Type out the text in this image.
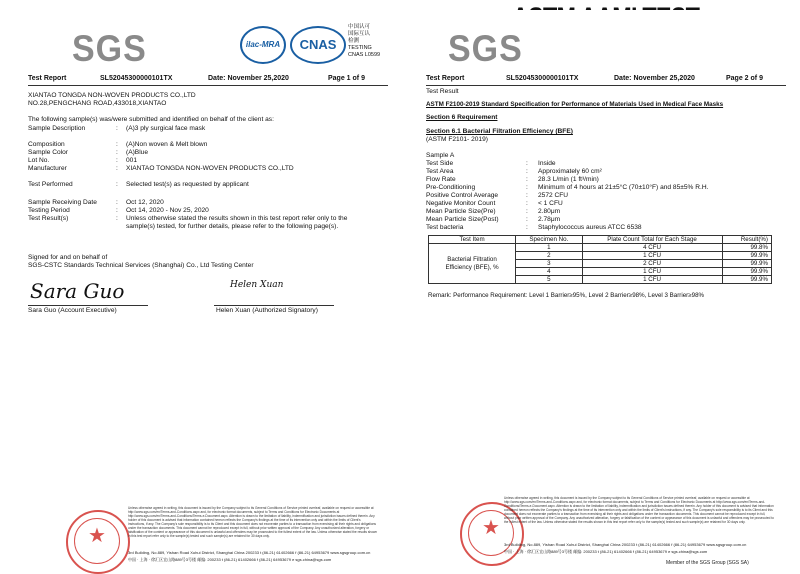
SGS	ilac-MRA	CNAS
中国认可
国际互认
检测
TESTING
CNAS L0599
Test Report	SL52045300000101TX	Date: November 25,2020	Page 1 of 9
XIANTAO TONGDA NON-WOVEN PRODUCTS CO.,LTD
NO.28,PENGCHANG ROAD,433018,XIANTAO
The following sample(s) was/were submitted and identified on behalf of the client as:
Sample Description	: (A)3 ply surgical face mask
Composition	: (A)Non woven & Melt blown
Sample Color	: (A)Blue
Lot No.	: 001
Manufacturer	: XIANTAO TONGDA NON-WOVEN PRODUCTS CO.,LTD
Test Performed	: Selected test(s) as requested by applicant
Sample Receiving Date	: Oct 12, 2020
Testing Period	: Oct 14, 2020 - Nov 25, 2020
Test Result(s)	: Unless otherwise stated the results shown in this test report refer only to the
sample(s) tested, for further details, please refer to the following page(s).
Signed for and on behalf of
SGS-CSTC Standards Technical Services (Shanghai) Co., Ltd Testing Center
Sara Guo	Helen Xuan
Sara Guo (Account Executive)	Helen Xuan (Authorized Signatory)
★
Unless otherwise agreed in writing, this document is issued by the Company subject to its General Conditions of Service printed overleaf, available on request or accessible at http://www.sgs.com/en/Terms-and-Conditions.aspx and, for electronic format documents, subject to Terms and Conditions for Electronic Documents at http://www.sgs.com/en/Terms-and-Conditions/Terms-e-Document.aspx. Attention is drawn to the limitation of liability, indemnification and jurisdiction issues defined therein. Any holder of this document is advised that information contained hereon reflects the Company's findings at the time of its intervention only and within the limits of Client's instructions, if any. The Company's sole responsibility is to its Client and this document does not exonerate parties to a transaction from exercising all their rights and obligations under the transaction documents. This document cannot be reproduced except in full, without prior written approval of the Company. Any unauthorized alteration, forgery or falsification of the content or appearance of this document is unlawful and offenders may be prosecuted to the fullest extent of the law. Unless otherwise stated the results shown in this test report refer only to the sample(s) tested and such sample(s) are retained for 30 days only.
3rd Building, No.889, Yishan Road Xuhui District, Shanghai China 200233 t (86-21) 61402666 f (86-21) 64953679 www.sgsgroup.com.cn
中国 · 上海 · 徐汇区宜山路889号3号楼 邮编: 200233 t (86-21) 61402666 f (86-21) 64953679 e sgs.china@sgs.com
SGS
Test Report	SL52045300000101TX	Date: November 25,2020	Page 2 of 9
Test Result
ASTM F2100-2019 Standard Specification for Performance of Materials Used in Medical Face Masks
Section 6 Requirement
Section 6.1 Bacterial Filtration Efficiency (BFE)
(ASTM F2101- 2019)
Sample A
Test Side	: Inside
Test Area	: Approximately 60 cm²
Flow Rate	: 28.3 L/min (1 ft³/min)
Pre-Conditioning	: Minimum of 4 hours at 21±5°C (70±10°F) and 85±5% R.H.
Positive Control Average	: 2572 CFU
Negative Monitor Count	: < 1 CFU
Mean Particle Size(Pre)	: 2.80μm
Mean Particle Size(Post)	: 2.78μm
Test bacteria	: Staphylococcus aureus ATCC 6538
Test Item	Specimen No.	Plate Count Total for Each Stage	Result(%)
Bacterial Filtration
Efficiency (BFE), %	1	4 CFU	99.8%
	2	1 CFU	99.9%
	3	2 CFU	99.9%
	4	1 CFU	99.9%
	5	1 CFU	99.9%
Remark: Performance Requirement: Level 1 Barrier≥95%, Level 2 Barrier≥98%, Level 3 Barrier≥98%
★
Unless otherwise agreed in writing, this document is issued by the Company subject to its General Conditions of Service printed overleaf, available on request or accessible at http://www.sgs.com/en/Terms-and-Conditions.aspx and, for electronic format documents, subject to Terms and Conditions for Electronic Documents at http://www.sgs.com/en/Terms-and-Conditions/Terms-e-Document.aspx. Attention is drawn to the limitation of liability, indemnification and jurisdiction issues defined therein. Any holder of this document is advised that information contained hereon reflects the Company's findings at the time of its intervention only and within the limits of Client's instructions, if any. The Company's sole responsibility is to its Client and this document does not exonerate parties to a transaction from exercising all their rights and obligations under the transaction documents. This document cannot be reproduced except in full, without prior written approval of the Company. Any unauthorized alteration, forgery or falsification of the content or appearance of this document is unlawful and offenders may be prosecuted to the fullest extent of the law. Unless otherwise stated the results shown in this test report refer only to the sample(s) tested and such sample(s) are retained for 30 days only.
3rd Building, No.889, Yishan Road Xuhui District, Shanghai China 200233 t (86-21) 61402666 f (86-21) 64953679 www.sgsgroup.com.cn
中国 · 上海 · 徐汇区宜山路889号3号楼 邮编: 200233 t (86-21) 61402666 f (86-21) 64953679 e sgs.china@sgs.com
Member of the SGS Group (SGS SA)
